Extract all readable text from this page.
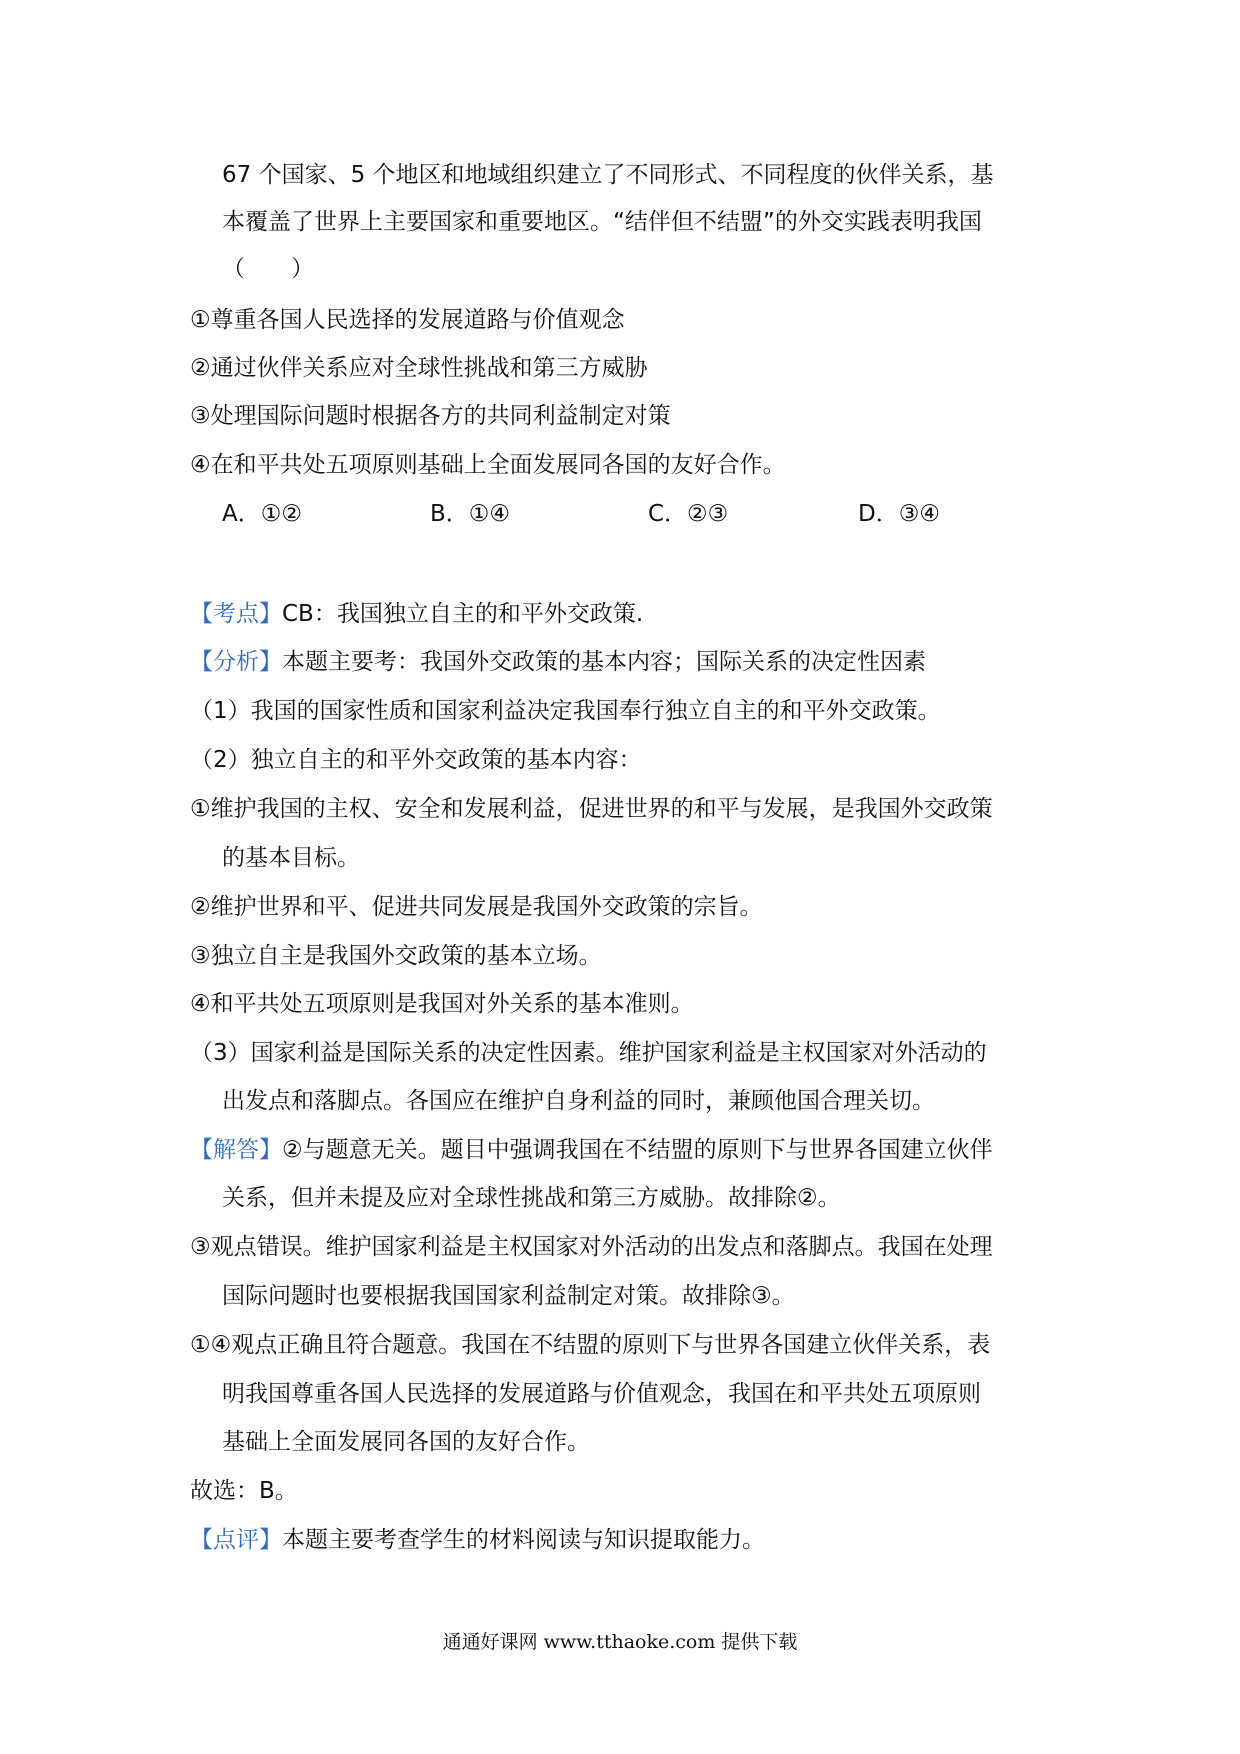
67 个国家、5 个地区和地域组织建立了不同形式、不同程度的伙伴关系，基
本覆盖了世界上主要国家和重要地区。“结伴但不结盟”的外交实践表明我国
（　　）
①尊重各国人民选择的发展道路与价值观念
②通过伙伴关系应对全球性挑战和第三方威胁
③处理国际问题时根据各方的共同利益制定对策
④在和平共处五项原则基础上全面发展同各国的友好合作。
A．①②	B．①④	C．②③	D．③④
【考点】CB：我国独立自主的和平外交政策.
【分析】本题主要考：我国外交政策的基本内容；国际关系的决定性因素
（1）我国的国家性质和国家利益决定我国奉行独立自主的和平外交政策。
（2）独立自主的和平外交政策的基本内容：
①维护我国的主权、安全和发展利益，促进世界的和平与发展，是我国外交政策
的基本目标。
②维护世界和平、促进共同发展是我国外交政策的宗旨。
③独立自主是我国外交政策的基本立场。
④和平共处五项原则是我国对外关系的基本准则。
（3）国家利益是国际关系的决定性因素。维护国家利益是主权国家对外活动的
出发点和落脚点。各国应在维护自身利益的同时，兼顾他国合理关切。
【解答】②与题意无关。题目中强调我国在不结盟的原则下与世界各国建立伙伴
关系，但并未提及应对全球性挑战和第三方威胁。故排除②。
③观点错误。维护国家利益是主权国家对外活动的出发点和落脚点。我国在处理
国际问题时也要根据我国国家利益制定对策。故排除③。
①④观点正确且符合题意。我国在不结盟的原则下与世界各国建立伙伴关系，表
明我国尊重各国人民选择的发展道路与价值观念，我国在和平共处五项原则
基础上全面发展同各国的友好合作。
故选：B。
【点评】本题主要考查学生的材料阅读与知识提取能力。
通通好课网 www.tthaoke.com 提供下载
